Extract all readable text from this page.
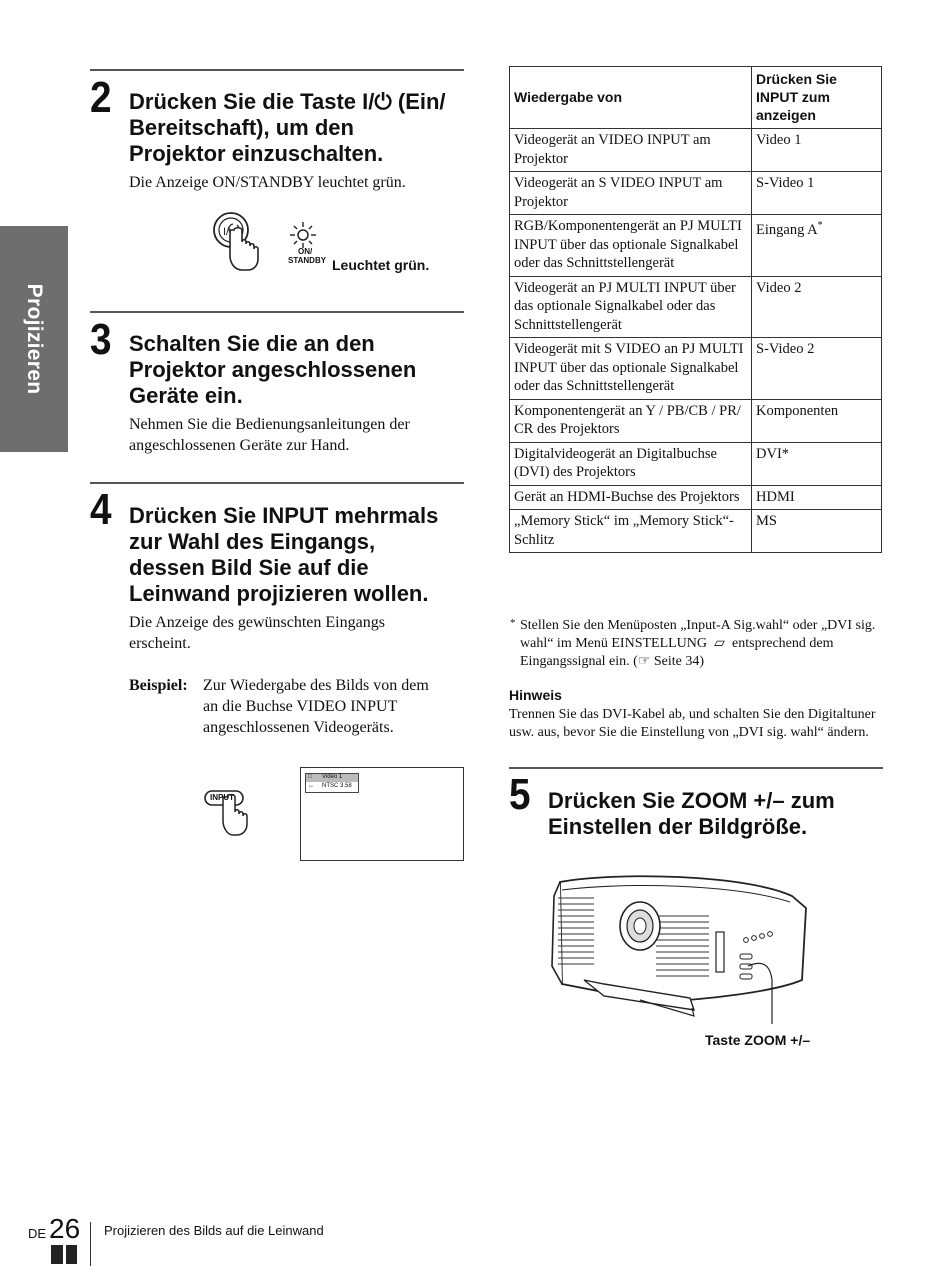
Projizieren
2 Drücken Sie die Taste I/⏻ (Ein/
Bereitschaft), um den
Projektor einzuschalten.
Die Anzeige ON/STANDBY leuchtet grün.
I/
ON/
STANDBY Leuchtet grün.
3 Schalten Sie die an den
Projektor angeschlossenen
Geräte ein.
Nehmen Sie die Bedienungsanleitungen der
angeschlossenen Geräte zur Hand.
4 Drücken Sie INPUT mehrmals
zur Wahl des Eingangs,
dessen Bild Sie auf die
Leinwand projizieren wollen.
Die Anzeige des gewünschten Eingangs
erscheint.
Beispiel: Zur Wiedergabe des Bilds von dem
an die Buchse VIDEO INPUT
angeschlossenen Videogeräts.
INPUT
□ Video 1
↔ NTSC 3.58
Wiedergabe von	Drücken Sie INPUT zum anzeigen
Videogerät an VIDEO INPUT am Projektor	Video 1
Videogerät an S VIDEO INPUT am Projektor	S-Video 1
RGB/Komponentengerät an PJ MULTI INPUT über das optionale Signalkabel oder das Schnittstellengerät	Eingang A*
Videogerät an PJ MULTI INPUT über das optionale Signalkabel oder das Schnittstellengerät	Video 2
Videogerät mit S VIDEO an PJ MULTI INPUT über das optionale Signalkabel oder das Schnittstellengerät	S-Video 2
Komponentengerät an Y / PB/CB / PR/ CR des Projektors	Komponenten
Digitalvideogerät an Digitalbuchse (DVI) des Projektors	DVI*
Gerät an HDMI-Buchse des Projektors	HDMI
„Memory Stick“ im „Memory Stick“-Schlitz	MS
* Stellen Sie den Menüposten „Input-A Sig.wahl“ oder „DVI sig. wahl“ im Menü EINSTELLUNG ▱ entsprechend dem Eingangssignal ein. (☞ Seite 34)
Hinweis
Trennen Sie das DVI-Kabel ab, und schalten Sie den Digitaltuner usw. aus, bevor Sie die Einstellung von „DVI sig. wahl“ ändern.
5 Drücken Sie ZOOM +/– zum
Einstellen der Bildgröße.
Taste ZOOM +/–
DE 26 Projizieren des Bilds auf die Leinwand
